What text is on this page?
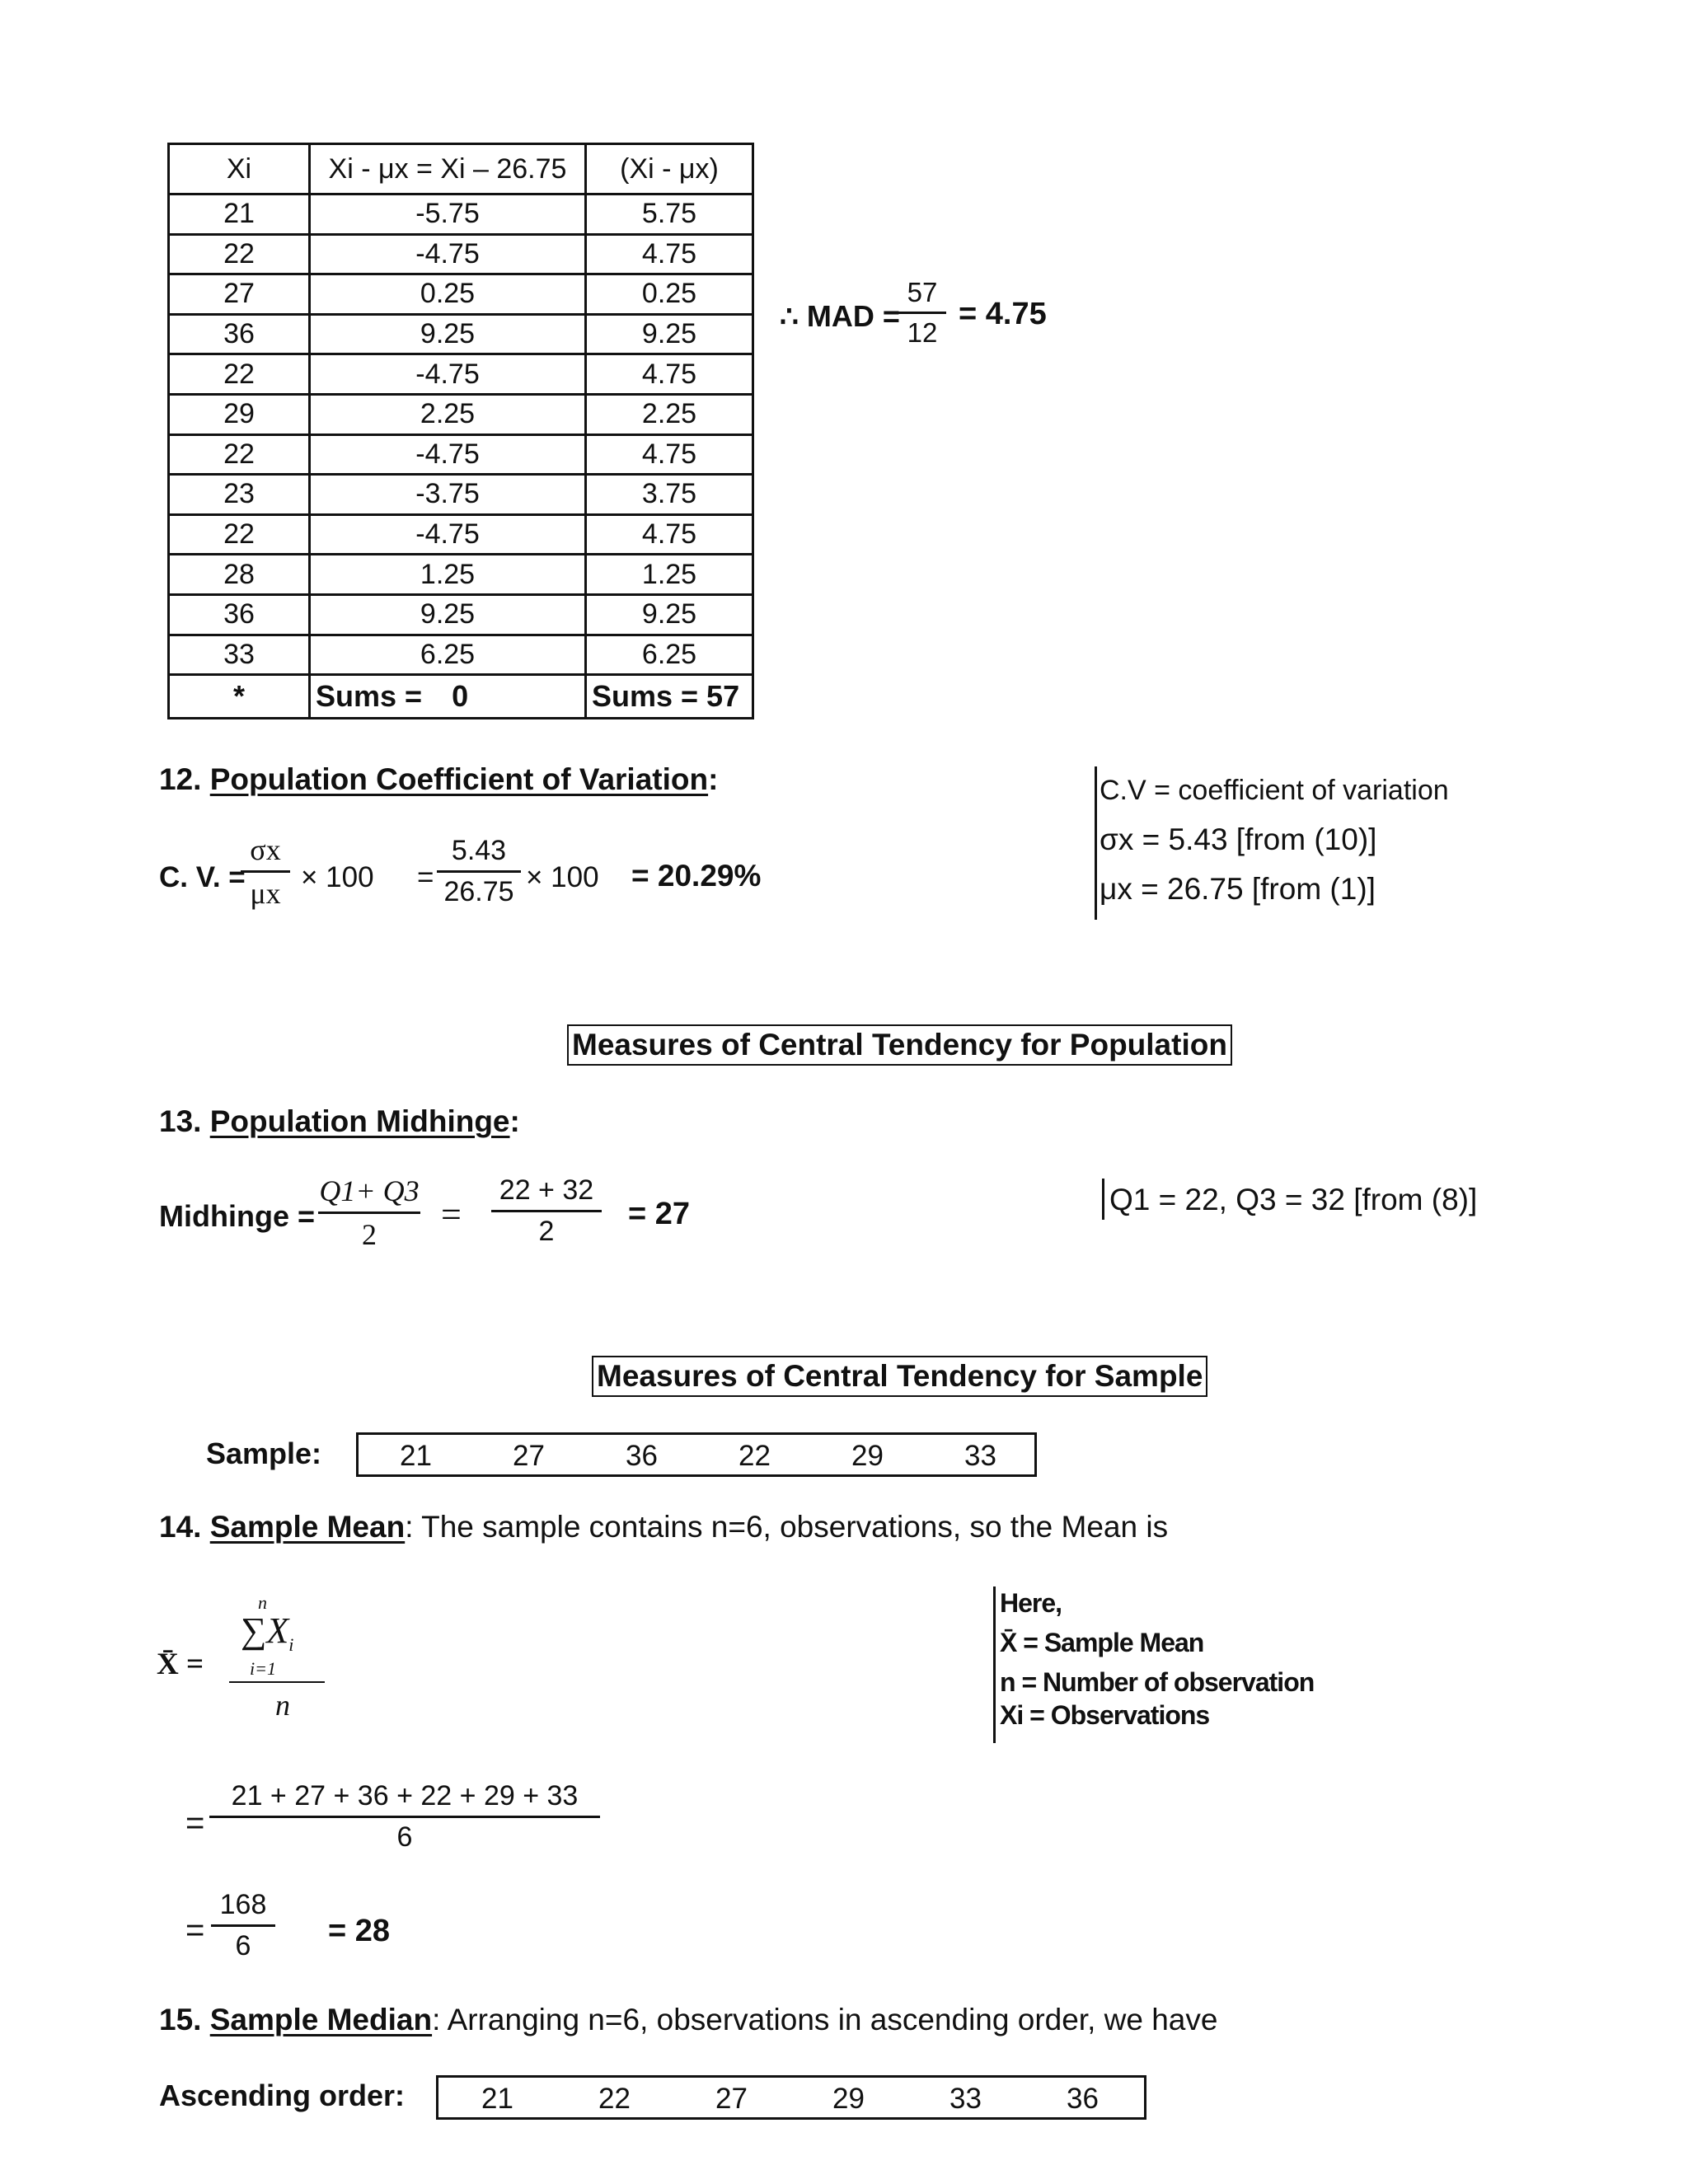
Xi	Xi - μx = Xi – 26.75	(Xi - μx)
21	-5.75	5.75
22	-4.75	4.75
27	0.25	0.25
36	9.25	9.25
22	-4.75	4.75
29	2.25	2.25
22	-4.75	4.75
23	-3.75	3.75
22	-4.75	4.75
28	1.25	1.25
36	9.25	9.25
33	6.25	6.25
*	Sums = 0	Sums = 57
∴ MAD =
57
12
= 4.75
12. Population Coefficient of Variation:
C. V. =
σx
μx × 100 =
5.43
26.75 × 100 = 20.29%
C.V = coefficient of variation
σx = 5.43 [from (10)]
μx = 26.75 [from (1)]
Measures of Central Tendency for Population
13. Population Midhinge:
Midhinge =
Q1+ Q3
2	=
22 + 32
2	= 27	Q1 = 22, Q3 = 32 [from (8)]
Measures of Central Tendency for Sample
Sample:	21	27	36	22	29	33
14. Sample Mean: The sample contains n=6, observations, so the Mean is
X̄ =
n
$\sum X_i$
i=1
n
=
21 + 27 + 36 + 22 + 29 + 33
6
=
168
6	= 28
Here,
X̄ = Sample Mean
n = Number of observation
Xi = Observations
15. Sample Median: Arranging n=6, observations in ascending order, we have
Ascending order:	21	22	27	29	33	36
